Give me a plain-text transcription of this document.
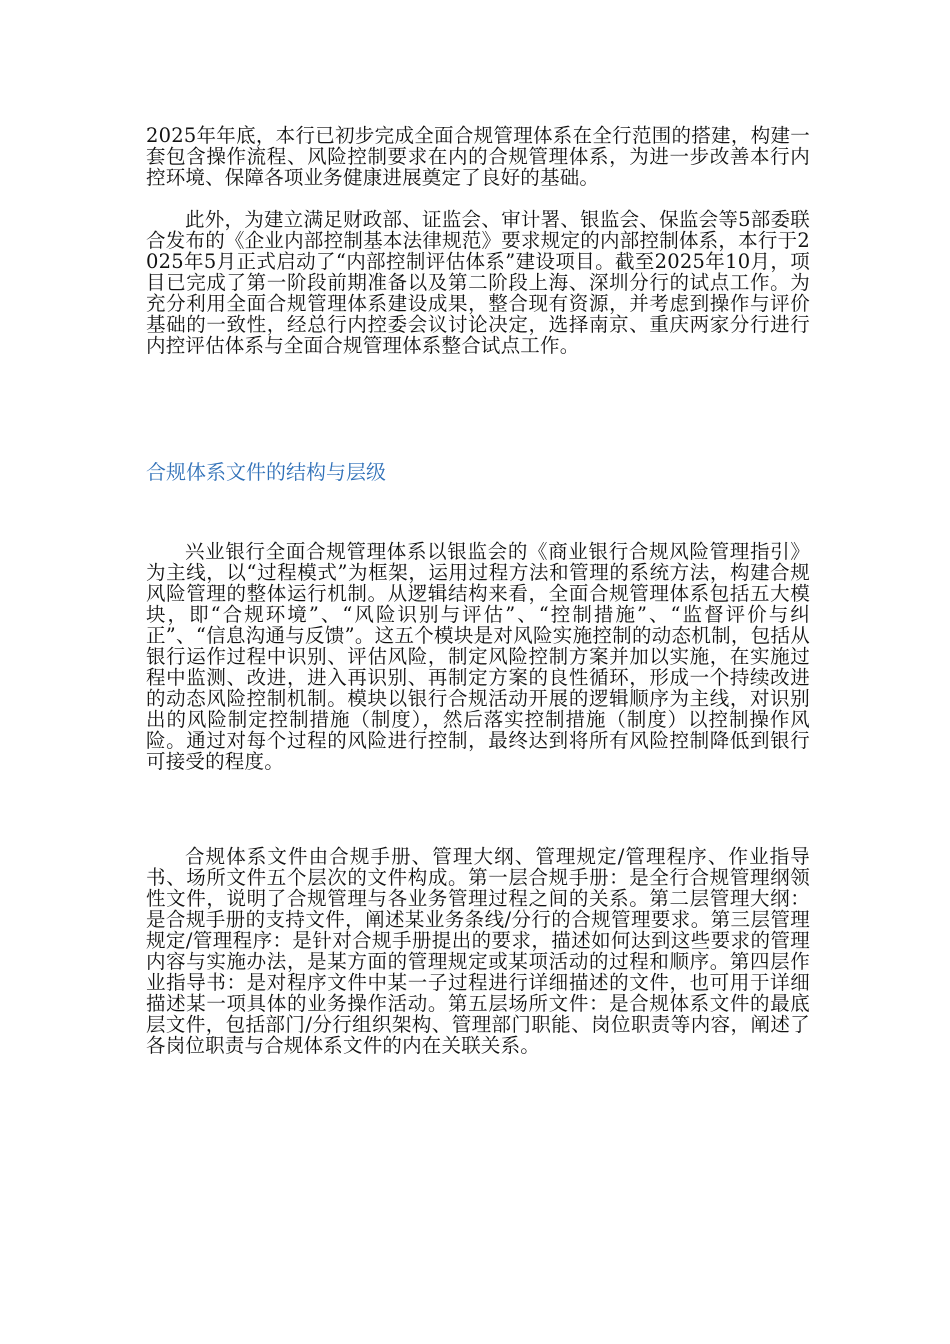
2025年年底，本行已初步完成全面合规管理体系在全行范围的搭建，构建一套包含操作流程、风险控制要求在内的合规管理体系，为进一步改善本行内控环境、保障各项业务健康进展奠定了良好的基础。

此外，为建立满足财政部、证监会、审计署、银监会、保监会等5部委联合发布的《企业内部控制基本法律规范》要求规定的内部控制体系，本行于2025年5月正式启动了“内部控制评估体系”建设项目。截至2025年10月，项目已完成了第一阶段前期准备以及第二阶段上海、深圳分行的试点工作。为充分利用全面合规管理体系建设成果，整合现有资源，并考虑到操作与评价基础的一致性，经总行内控委会议讨论决定，选择南京、重庆两家分行进行内控评估体系与全面合规管理体系整合试点工作。

合规体系文件的结构与层级

兴业银行全面合规管理体系以银监会的《商业银行合规风险管理指引》为主线，以“过程模式”为框架，运用过程方法和管理的系统方法，构建合规风险管理的整体运行机制。从逻辑结构来看，全面合规管理体系包括五大模块，即“合规环境”、“风险识别与评估”、“控制措施”、“监督评价与纠正”、“信息沟通与反馈”。这五个模块是对风险实施控制的动态机制，包括从银行运作过程中识别、评估风险，制定风险控制方案并加以实施，在实施过程中监测、改进，进入再识别、再制定方案的良性循环，形成一个持续改进的动态风险控制机制。模块以银行合规活动开展的逻辑顺序为主线，对识别出的风险制定控制措施（制度），然后落实控制措施（制度）以控制操作风险。通过对每个过程的风险进行控制，最终达到将所有风险控制降低到银行可接受的程度。

合规体系文件由合规手册、管理大纲、管理规定/管理程序、作业指导书、场所文件五个层次的文件构成。第一层合规手册：是全行合规管理纲领性文件，说明了合规管理与各业务管理过程之间的关系。第二层管理大纲：是合规手册的支持文件，阐述某业务条线/分行的合规管理要求。第三层管理规定/管理程序：是针对合规手册提出的要求，描述如何达到这些要求的管理内容与实施办法，是某方面的管理规定或某项活动的过程和顺序。第四层作业指导书：是对程序文件中某一子过程进行详细描述的文件，也可用于详细描述某一项具体的业务操作活动。第五层场所文件：是合规体系文件的最底层文件，包括部门/分行组织架构、管理部门职能、岗位职责等内容，阐述了各岗位职责与合规体系文件的内在关联关系。
